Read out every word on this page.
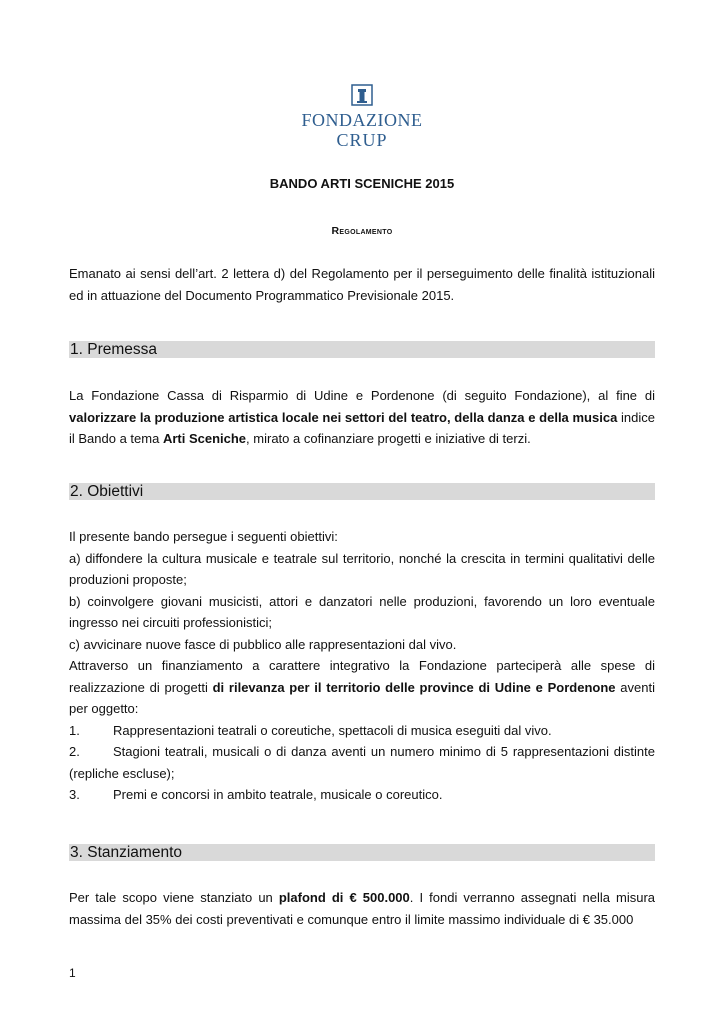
FONDAZIONE
CRUP
BANDO ARTI SCENICHE 2015
Regolamento

Emanato ai sensi dell’art. 2 lettera d) del Regolamento per il perseguimento delle finalità istituzionali ed in attuazione del Documento Programmatico Previsionale 2015.

1. Premessa

La Fondazione Cassa di Risparmio di Udine e Pordenone (di seguito Fondazione), al fine di valorizzare la produzione artistica locale nei settori del teatro, della danza e della musica indice il Bando a tema Arti Sceniche, mirato a cofinanziare progetti e iniziative di terzi.

2. Obiettivi
Il presente bando persegue i seguenti obiettivi:
a) diffondere la cultura musicale e teatrale sul territorio, nonché la crescita in termini qualitativi delle produzioni proposte;
b) coinvolgere giovani musicisti, attori e danzatori nelle produzioni, favorendo un loro eventuale ingresso nei circuiti professionistici;
c) avvicinare nuove fasce di pubblico alle rappresentazioni dal vivo.
Attraverso un finanziamento a carattere integrativo la Fondazione parteciperà alle spese di realizzazione di progetti di rilevanza per il territorio delle province di Udine e Pordenone aventi per oggetto:
1.	Rappresentazioni teatrali o coreutiche, spettacoli di musica eseguiti dal vivo.
2.	Stagioni teatrali, musicali o di danza aventi un numero minimo di 5 rappresentazioni distinte (repliche escluse);
3.	Premi e concorsi in ambito teatrale, musicale o coreutico.
3. Stanziamento

Per tale scopo viene stanziato un plafond di € 500.000. I fondi verranno assegnati nella misura massima del 35% dei costi preventivati e comunque entro il limite massimo individuale di € 35.000

1
